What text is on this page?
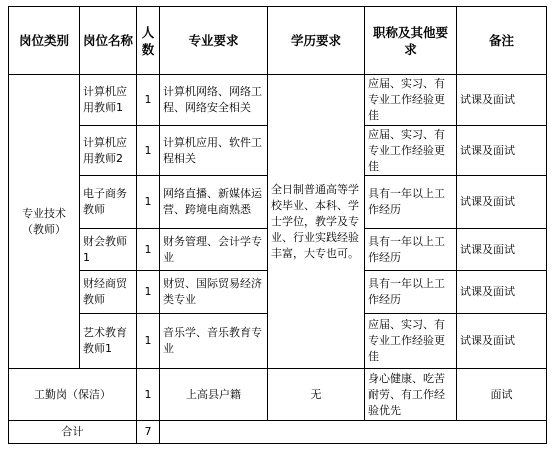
岗位类别	岗位名称	人数	专业要求	学历要求	职称及其他要求	备注
专业技术（教师）	计算机应用教师1	1	计算机网络、网络工程、网络安全相关	全日制普通高等学校毕业、本科、学士学位，教学及专业、行业实践经验丰富，大专也可。	应届、实习、有专业工作经验更佳	试课及面试
	计算机应用教师2	1	计算机应用、软件工程相关		应届、实习、有专业工作经验更佳	试课及面试
	电子商务教师	1	网络直播、新媒体运营、跨境电商熟悉		具有一年以上工作经历	试课及面试
	财会教师1	1	财务管理、会计学专业		具有一年以上工作经历	试课及面试
	财经商贸教师	1	财贸、国际贸易经济类专业		具有一年以上工作经历	试课及面试
	艺术教育教师1	1	音乐学、音乐教育专业		应届、实习、有专业工作经验更佳	试课及面试
工勤岗（保洁）		1	上高县户籍	无	身心健康、吃苦耐劳、有工作经验优先	面试
合计		7				
